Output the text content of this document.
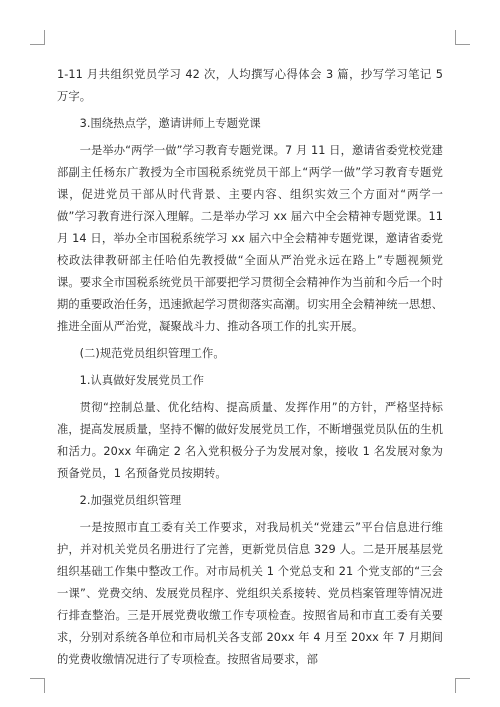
1-11 月共组织党员学习 42 次，人均撰写心得体会 3 篇，抄写学习笔记 5 万字。

3.围绕热点学，邀请讲师上专题党课

一是举办“两学一做”学习教育专题党课。7 月 11 日，邀请省委党校党建部副主任杨东广教授为全市国税系统党员干部上“两学一做”学习教育专题党课，促进党员干部从时代背景、主要内容、组织实效三个方面对“两学一做”学习教育进行深入理解。二是举办学习 xx 届六中全会精神专题党课。11 月 14 日，举办全市国税系统学习 xx 届六中全会精神专题党课，邀请省委党校政法律教研部主任哈伯先教授做“全面从严治党永远在路上”专题视频党课。要求全市国税系统党员干部要把学习贯彻全会精神作为当前和今后一个时期的重要政治任务，迅速掀起学习贯彻落实高潮。切实用全会精神统一思想、推进全面从严治党，凝聚战斗力、推动各项工作的扎实开展。

(二)规范党员组织管理工作。

1.认真做好发展党员工作

贯彻“控制总量、优化结构、提高质量、发挥作用”的方针，严格坚持标准，提高发展质量，坚持不懈的做好发展党员工作，不断增强党员队伍的生机和活力。20xx 年确定 2 名入党积极分子为发展对象，接收 1 名发展对象为预备党员，1 名预备党员按期转。

2.加强党员组织管理

一是按照市直工委有关工作要求，对我局机关“党建云”平台信息进行维护，并对机关党员名册进行了完善，更新党员信息 329 人。二是开展基层党组织基础工作集中整改工作。对市局机关 1 个党总支和 21 个党支部的“三会一课”、党费交纳、发展党员程序、党组织关系接转、党员档案管理等情况进行排查整治。三是开展党费收缴工作专项检查。按照省局和市直工委有关要求，分别对系统各单位和市局机关各支部 20xx 年 4 月至 20xx 年 7 月期间的党费收缴情况进行了专项检查。按照省局要求，部
